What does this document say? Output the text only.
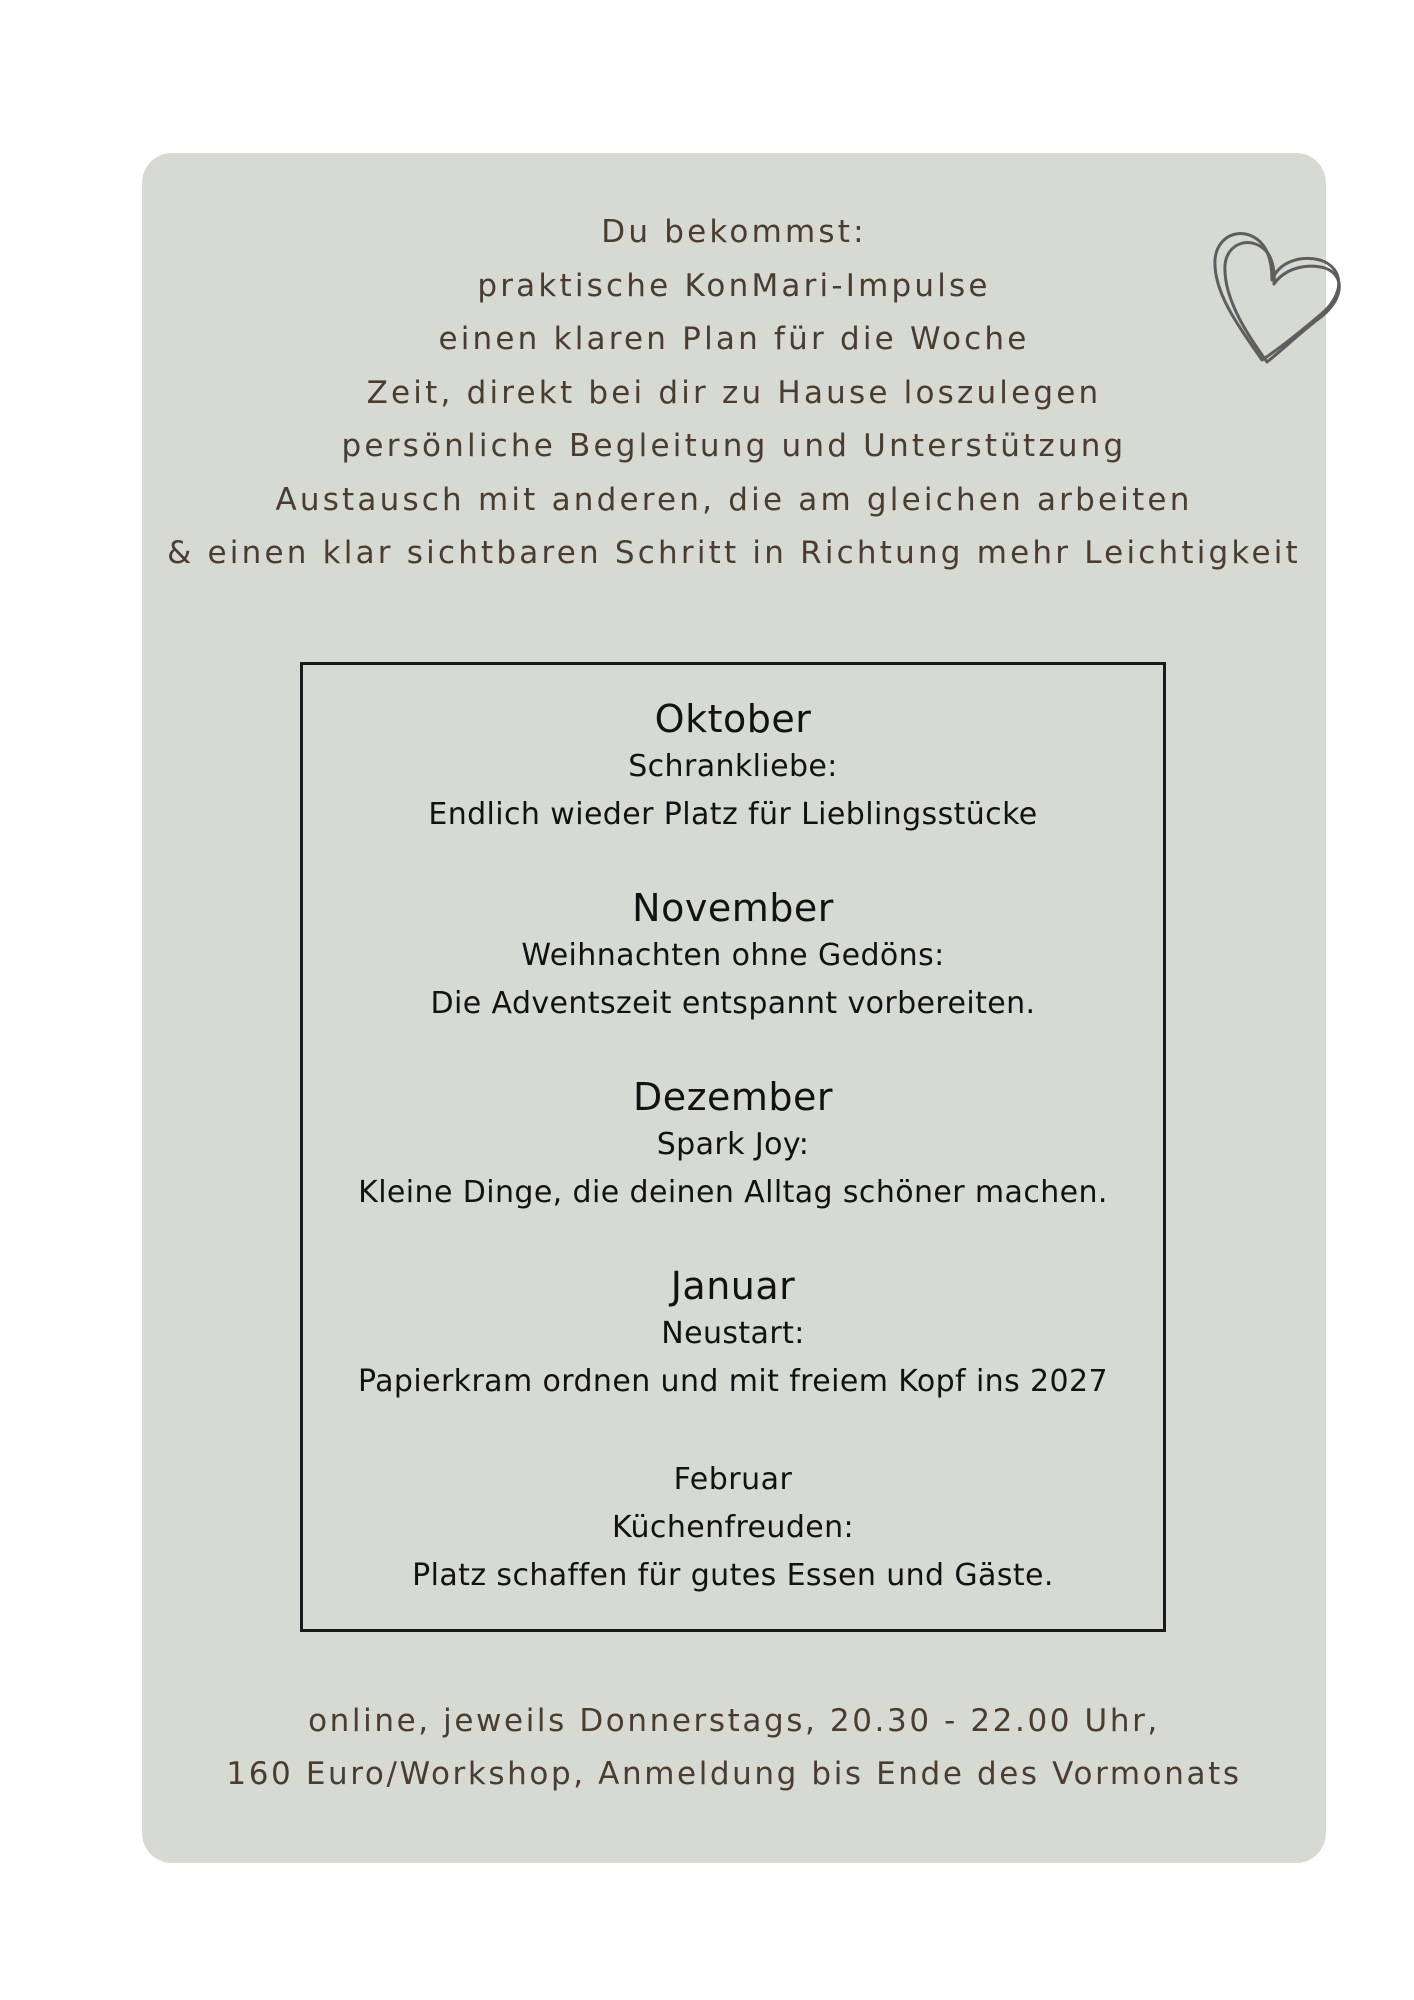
Du bekommst:
praktische KonMari-Impulse
einen klaren Plan für die Woche
Zeit, direkt bei dir zu Hause loszulegen
persönliche Begleitung und Unterstützung
Austausch mit anderen, die am gleichen arbeiten
& einen klar sichtbaren Schritt in Richtung mehr Leichtigkeit
Oktober
Schrankliebe:
Endlich wieder Platz für Lieblingsstücke
November
Weihnachten ohne Gedöns:
Die Adventszeit entspannt vorbereiten.
Dezember
Spark Joy:
Kleine Dinge, die deinen Alltag schöner machen.
Januar
Neustart:
Papierkram ordnen und mit freiem Kopf ins 2027
Februar
Küchenfreuden:
Platz schaffen für gutes Essen und Gäste.
online, jeweils Donnerstags, 20.30 - 22.00 Uhr,
160 Euro/Workshop, Anmeldung bis Ende des Vormonats
